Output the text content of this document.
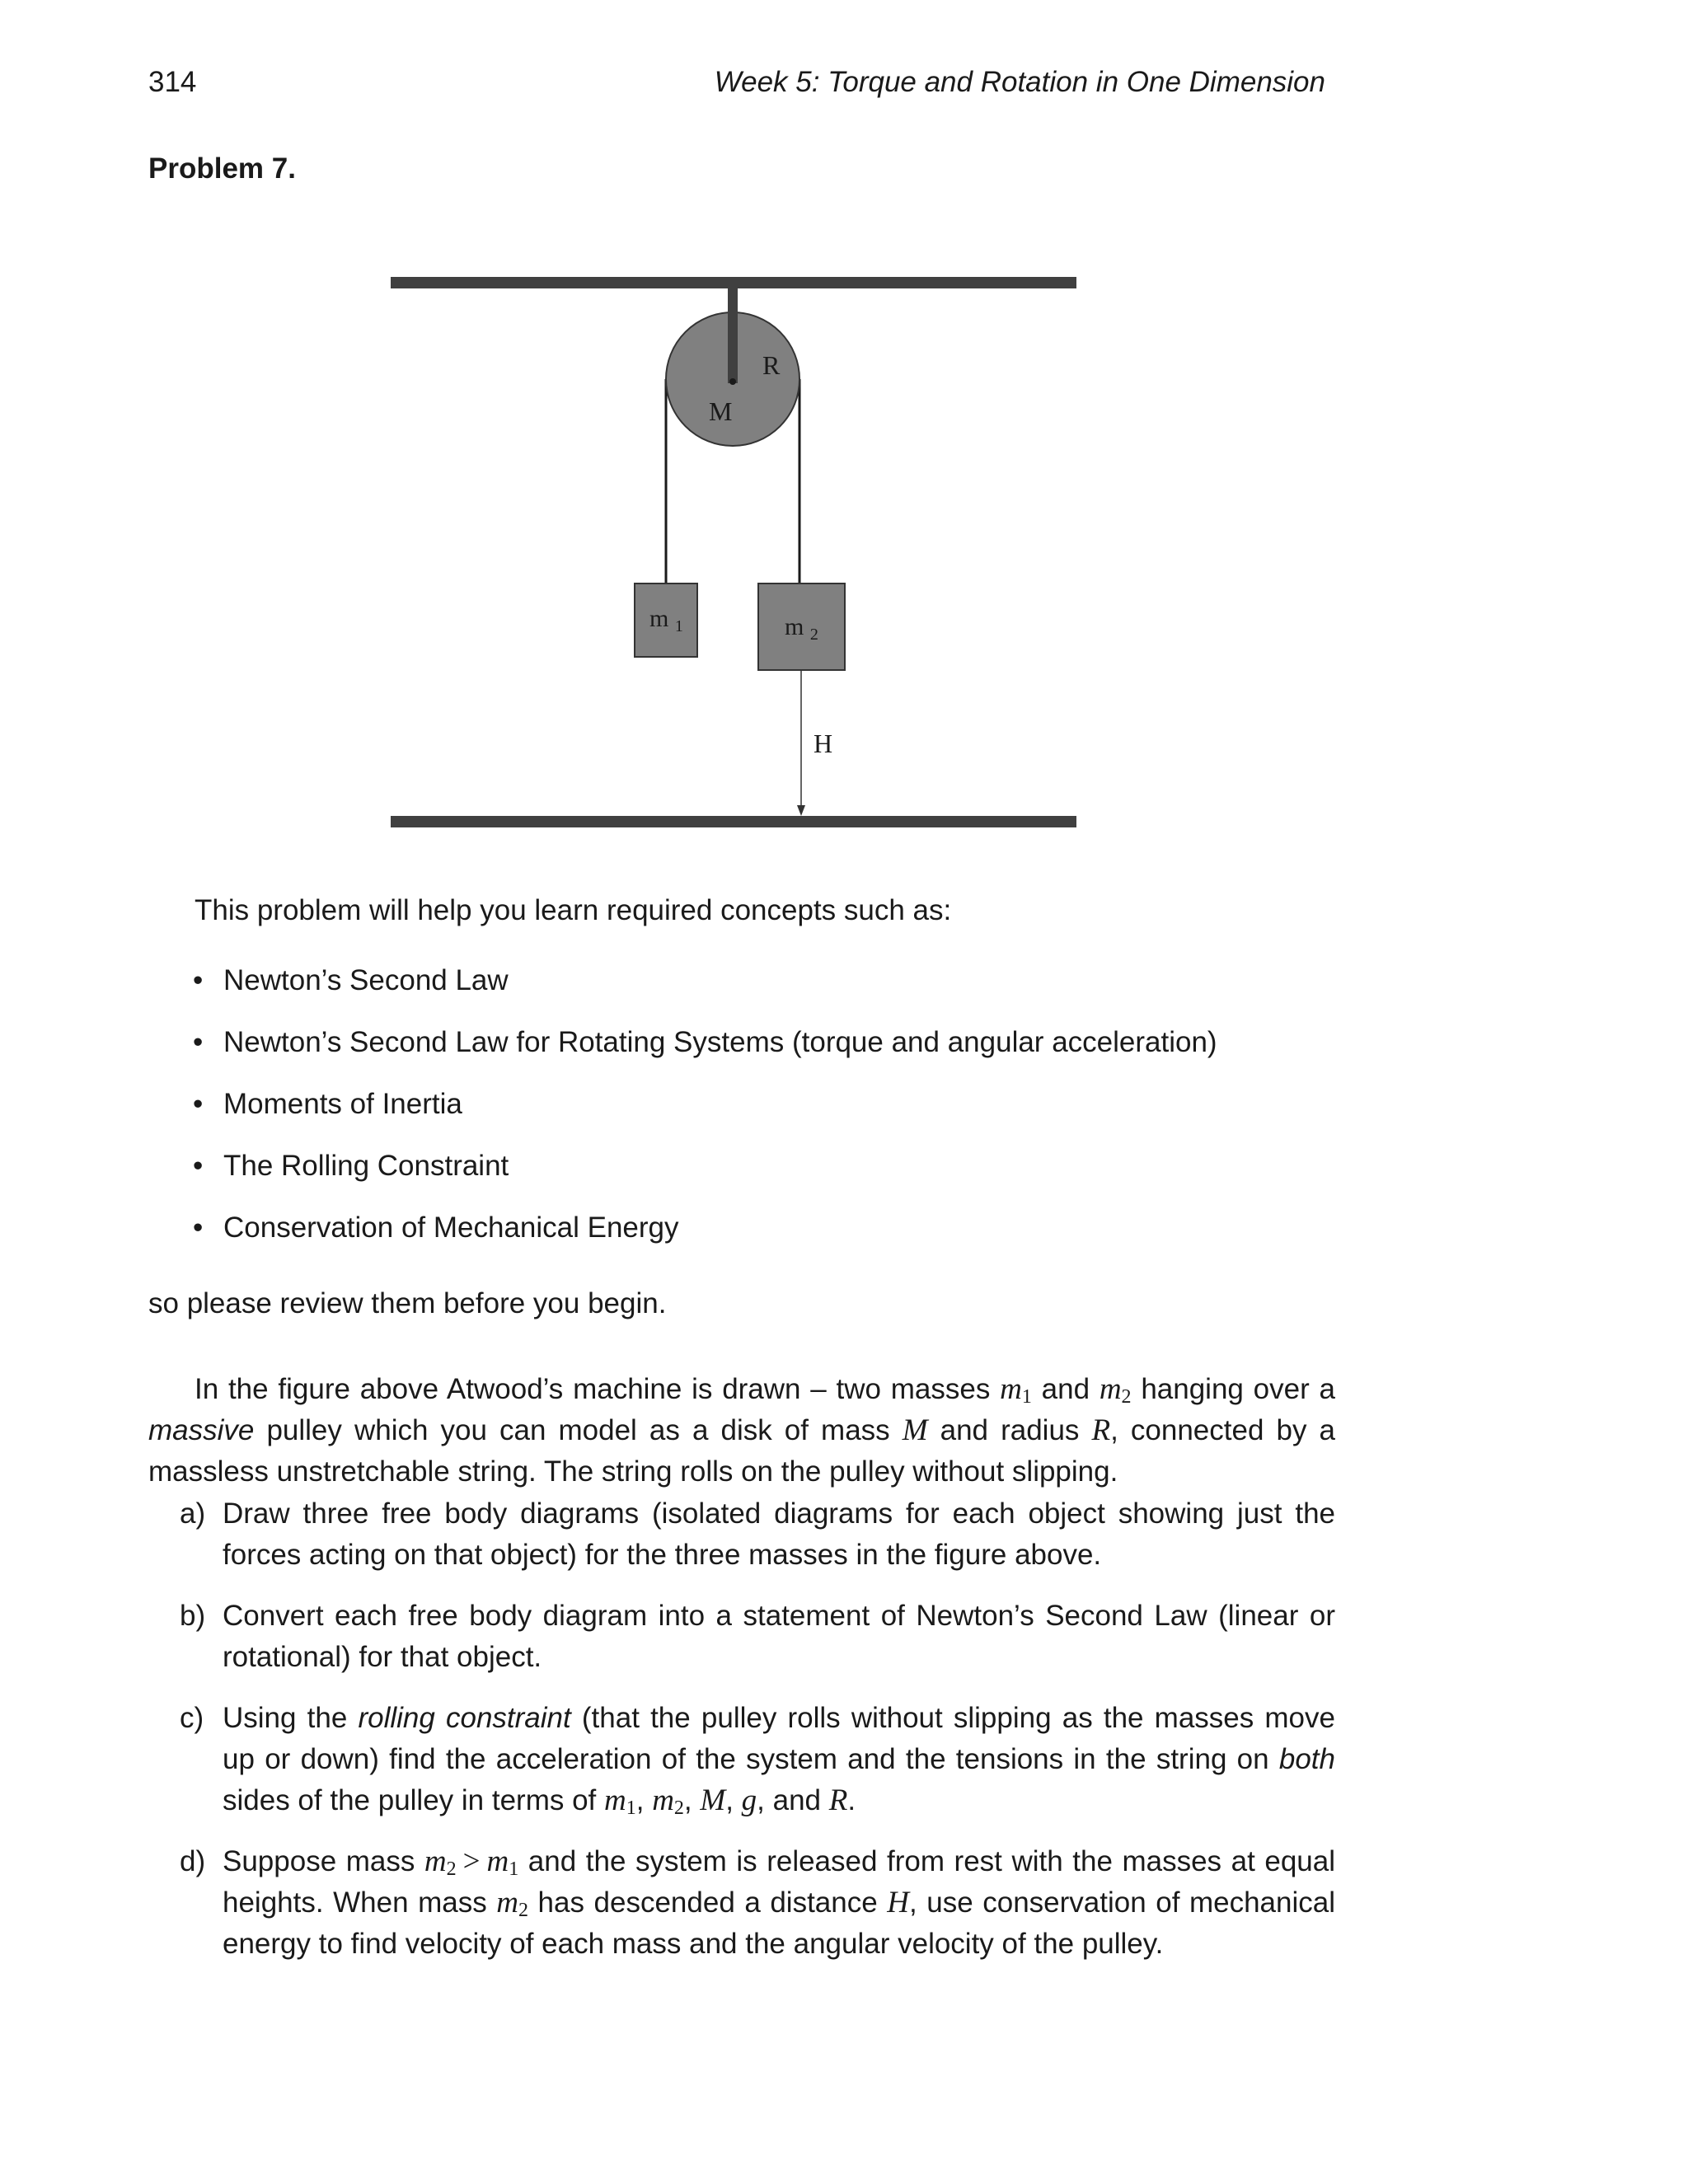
314	Week 5: Torque and Rotation in One Dimension
Problem 7.
R
M
m $_1$	m $_2$
H
This problem will help you learn required concepts such as:
• Newton’s Second Law
• Newton’s Second Law for Rotating Systems (torque and angular acceleration)
• Moments of Inertia
• The Rolling Constraint
• Conservation of Mechanical Energy
so please review them before you begin.

In the figure above Atwood’s machine is drawn – two masses $m_1$ and $m_2$ hanging over a massive pulley which you can model as a disk of mass M and radius R, connected by a massless unstretchable string. The string rolls on the pulley without slipping.

a) Draw three free body diagrams (isolated diagrams for each object showing just the forces acting on that object) for the three masses in the figure above.
b) Convert each free body diagram into a statement of Newton’s Second Law (linear or rotational) for that object.
c) Using the rolling constraint (that the pulley rolls without slipping as the masses move up or down) find the acceleration of the system and the tensions in the string on both sides of the pulley in terms of $m_1$, $m_2$, M, g, and R.
d) Suppose mass $m_2 > m_1$ and the system is released from rest with the masses at equal heights. When mass $m_2$ has descended a distance H, use conservation of mechanical energy to find velocity of each mass and the angular velocity of the pulley.
